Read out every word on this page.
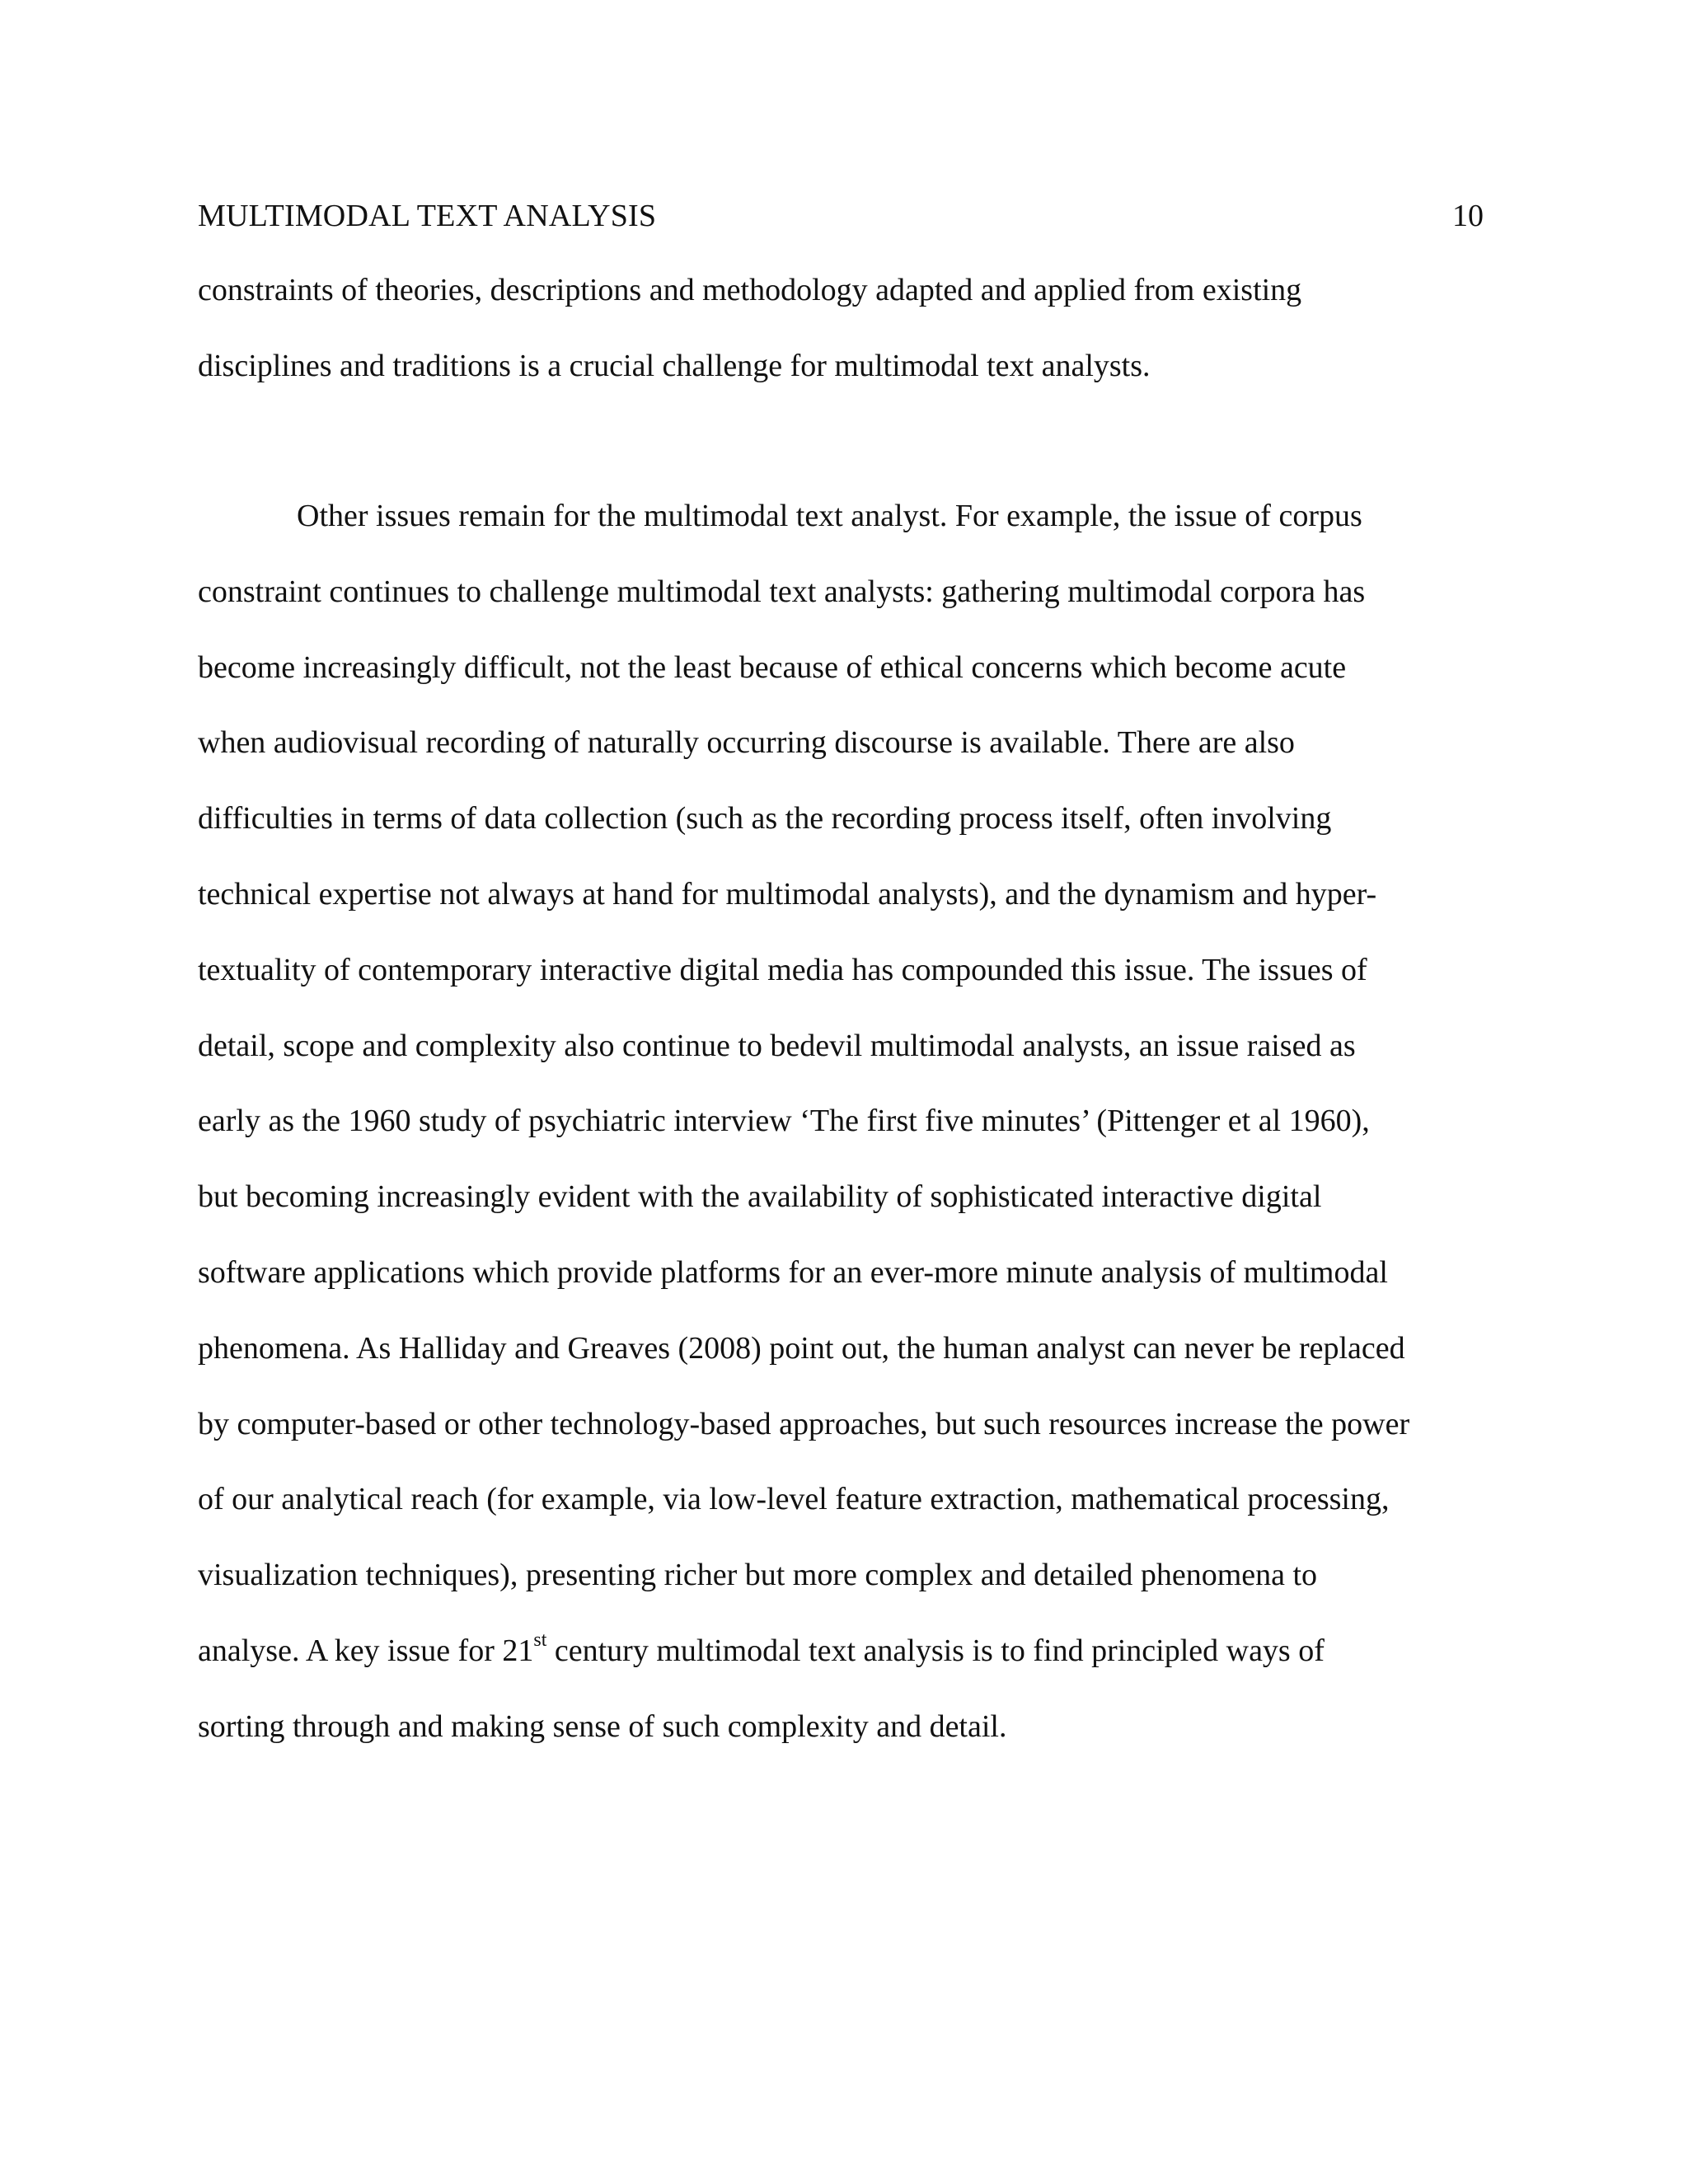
MULTIMODAL TEXT ANALYSIS	10
constraints of theories, descriptions and methodology adapted and applied from existing
disciplines and traditions is a crucial challenge for multimodal text analysts.
Other issues remain for the multimodal text analyst. For example, the issue of corpus
constraint continues to challenge multimodal text analysts: gathering multimodal corpora has
become increasingly difficult, not the least because of ethical concerns which become acute
when audiovisual recording of naturally occurring discourse is available. There are also
difficulties in terms of data collection (such as the recording process itself, often involving
technical expertise not always at hand for multimodal analysts), and the dynamism and hyper-
textuality of contemporary interactive digital media has compounded this issue. The issues of
detail, scope and complexity also continue to bedevil multimodal analysts, an issue raised as
early as the 1960 study of psychiatric interview ‘The first five minutes’ (Pittenger et al 1960),
but becoming increasingly evident with the availability of sophisticated interactive digital
software applications which provide platforms for an ever-more minute analysis of multimodal
phenomena. As Halliday and Greaves (2008) point out, the human analyst can never be replaced
by computer-based or other technology-based approaches, but such resources increase the power
of our analytical reach (for example, via low-level feature extraction, mathematical processing,
visualization techniques), presenting richer but more complex and detailed phenomena to
analyse. A key issue for 21st century multimodal text analysis is to find principled ways of
sorting through and making sense of such complexity and detail.
